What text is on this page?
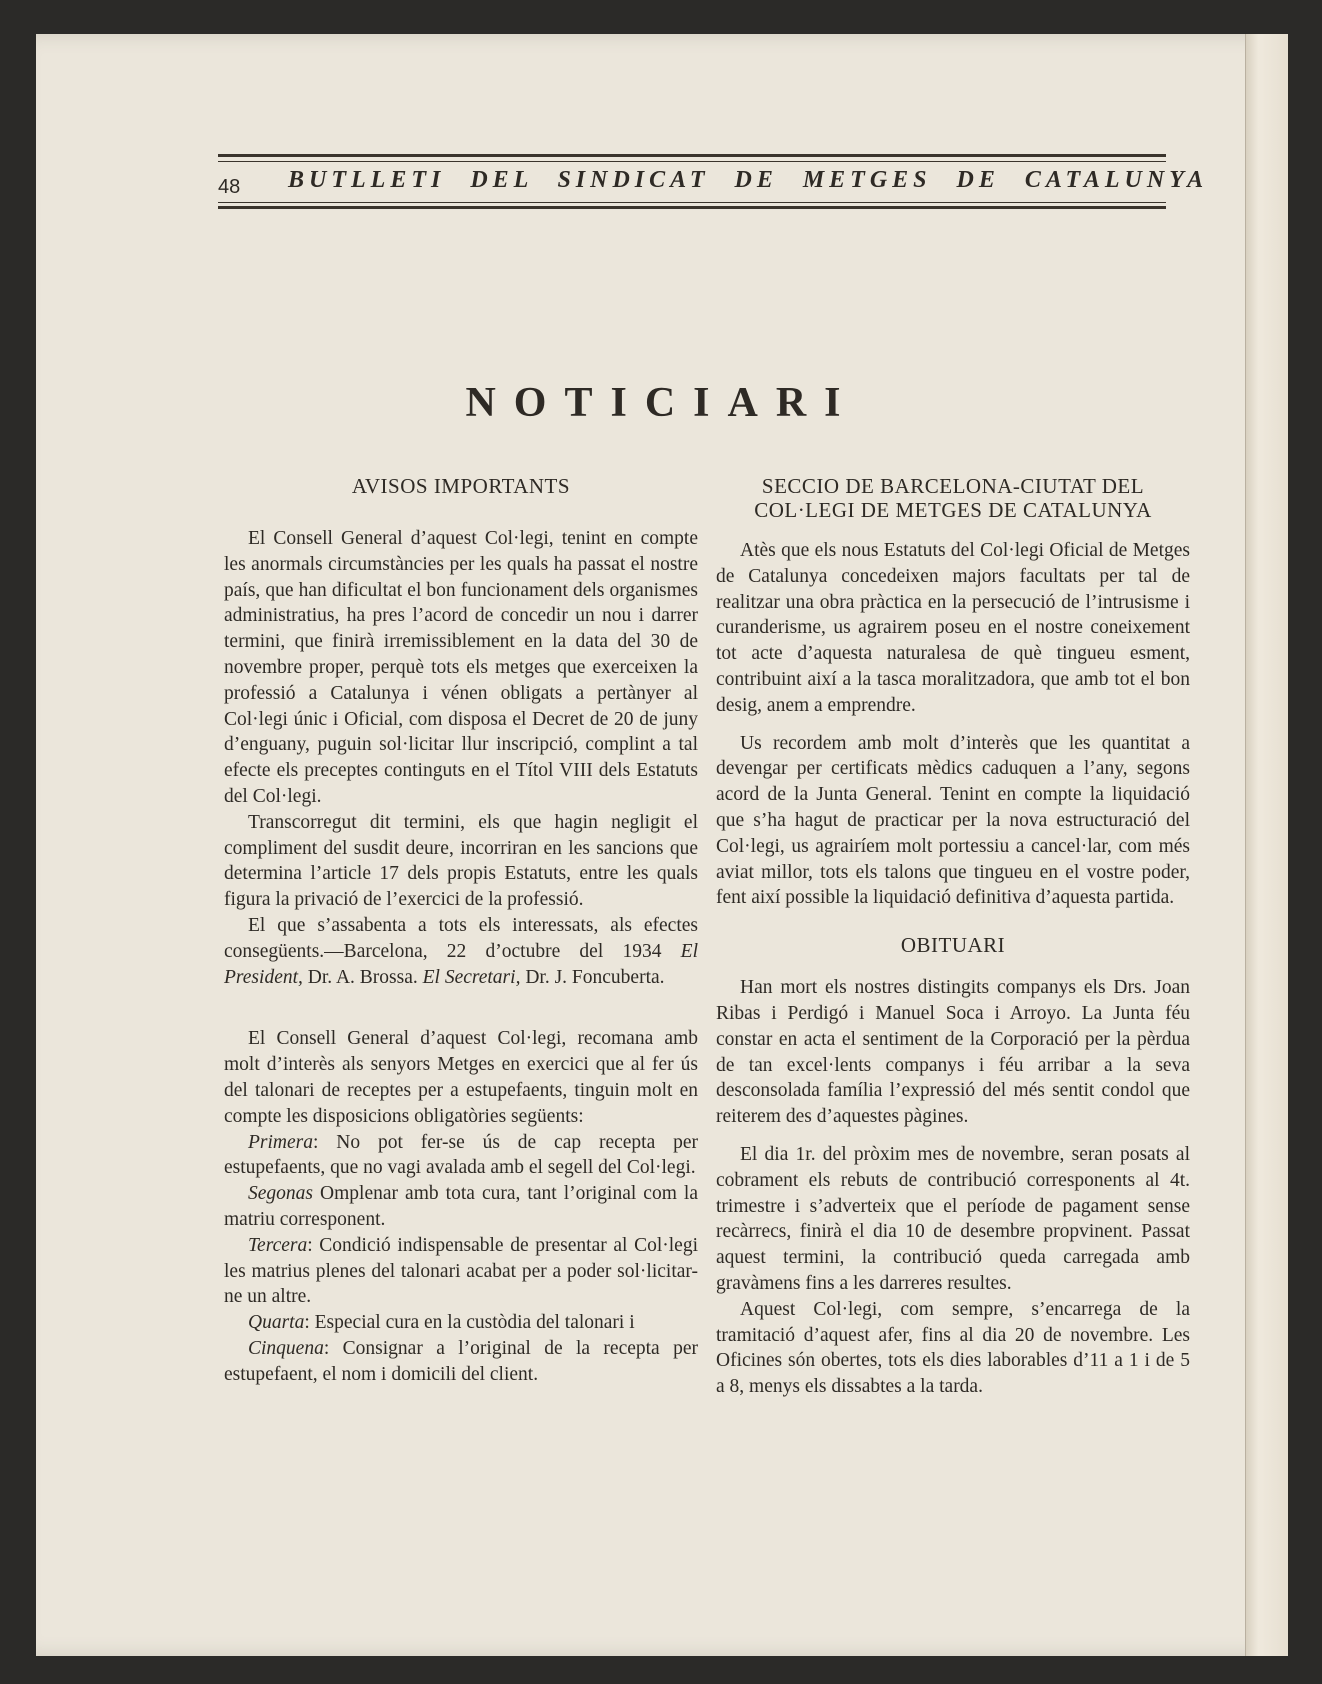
48 BUTLLETI DEL SINDICAT DE METGES DE CATALUNYA
NOTICIARI
AVISOS IMPORTANTS

El Consell General d’aquest Col·legi, tenint en compte les anormals circumstàncies per les quals ha passat el nostre país, que han dificultat el bon funcionament dels organismes administratius, ha pres l’acord de concedir un nou i darrer termini, que finirà irremissiblement en la data del 30 de novembre proper, perquè tots els metges que exerceixen la professió a Catalunya i vénen obligats a pertànyer al Col·legi únic i Oficial, com disposa el Decret de 20 de juny d’enguany, puguin sol·licitar llur inscripció, complint a tal efecte els preceptes continguts en el Títol VIII dels Estatuts del Col·legi.

Transcorregut dit termini, els que hagin negligit el compliment del susdit deure, incorriran en les sancions que determina l’article 17 dels propis Estatuts, entre les quals figura la privació de l’exercici de la professió.

El que s’assabenta a tots els interessats, als efectes consegüents.—Barcelona, 22 d’octubre del 1934 El President, Dr. A. Brossa. El Secretari, Dr. J. Foncuberta.

El Consell General d’aquest Col·legi, recomana amb molt d’interès als senyors Metges en exercici que al fer ús del talonari de receptes per a estupefaents, tinguin molt en compte les disposicions obligatòries següents:

Primera: No pot fer-se ús de cap recepta per estupefaents, que no vagi avalada amb el segell del Col·legi.

Segonas Omplenar amb tota cura, tant l’original com la matriu corresponent.

Tercera: Condició indispensable de presentar al Col·legi les matrius plenes del talonari acabat per a poder sol·licitar-ne un altre.

Quarta: Especial cura en la custòdia del talonari i

Cinquena: Consignar a l’original de la recepta per estupefaent, el nom i domicili del client.

SECCIO DE BARCELONA-CIUTAT DEL COL·LEGI DE METGES DE CATALUNYA

Atès que els nous Estatuts del Col·legi Oficial de Metges de Catalunya concedeixen majors facultats per tal de realitzar una obra pràctica en la persecució de l’intrusisme i curanderisme, us agrairem poseu en el nostre coneixement tot acte d’aquesta naturalesa de què tingueu esment, contribuint així a la tasca moralitzadora, que amb tot el bon desig, anem a emprendre.

Us recordem amb molt d’interès que les quantitat a devengar per certificats mèdics caduquen a l’any, segons acord de la Junta General. Tenint en compte la liquidació que s’ha hagut de practicar per la nova estructuració del Col·legi, us agrairíem molt portessiu a cancel·lar, com més aviat millor, tots els talons que tingueu en el vostre poder, fent així possible la liquidació definitiva d’aquesta partida.

OBITUARI

Han mort els nostres distingits companys els Drs. Joan Ribas i Perdigó i Manuel Soca i Arroyo. La Junta féu constar en acta el sentiment de la Corporació per la pèrdua de tan excel·lents companys i féu arribar a la seva desconsolada família l’expressió del més sentit condol que reiterem des d’aquestes pàgines.

El dia 1r. del pròxim mes de novembre, seran posats al cobrament els rebuts de contribució corresponents al 4t. trimestre i s’adverteix que el període de pagament sense recàrrecs, finirà el dia 10 de desembre propvinent. Passat aquest termini, la contribució queda carregada amb gravàmens fins a les darreres resultes.

Aquest Col·legi, com sempre, s’encarrega de la tramitació d’aquest afer, fins al dia 20 de novembre. Les Oficines són obertes, tots els dies laborables d’11 a 1 i de 5 a 8, menys els dissabtes a la tarda.
